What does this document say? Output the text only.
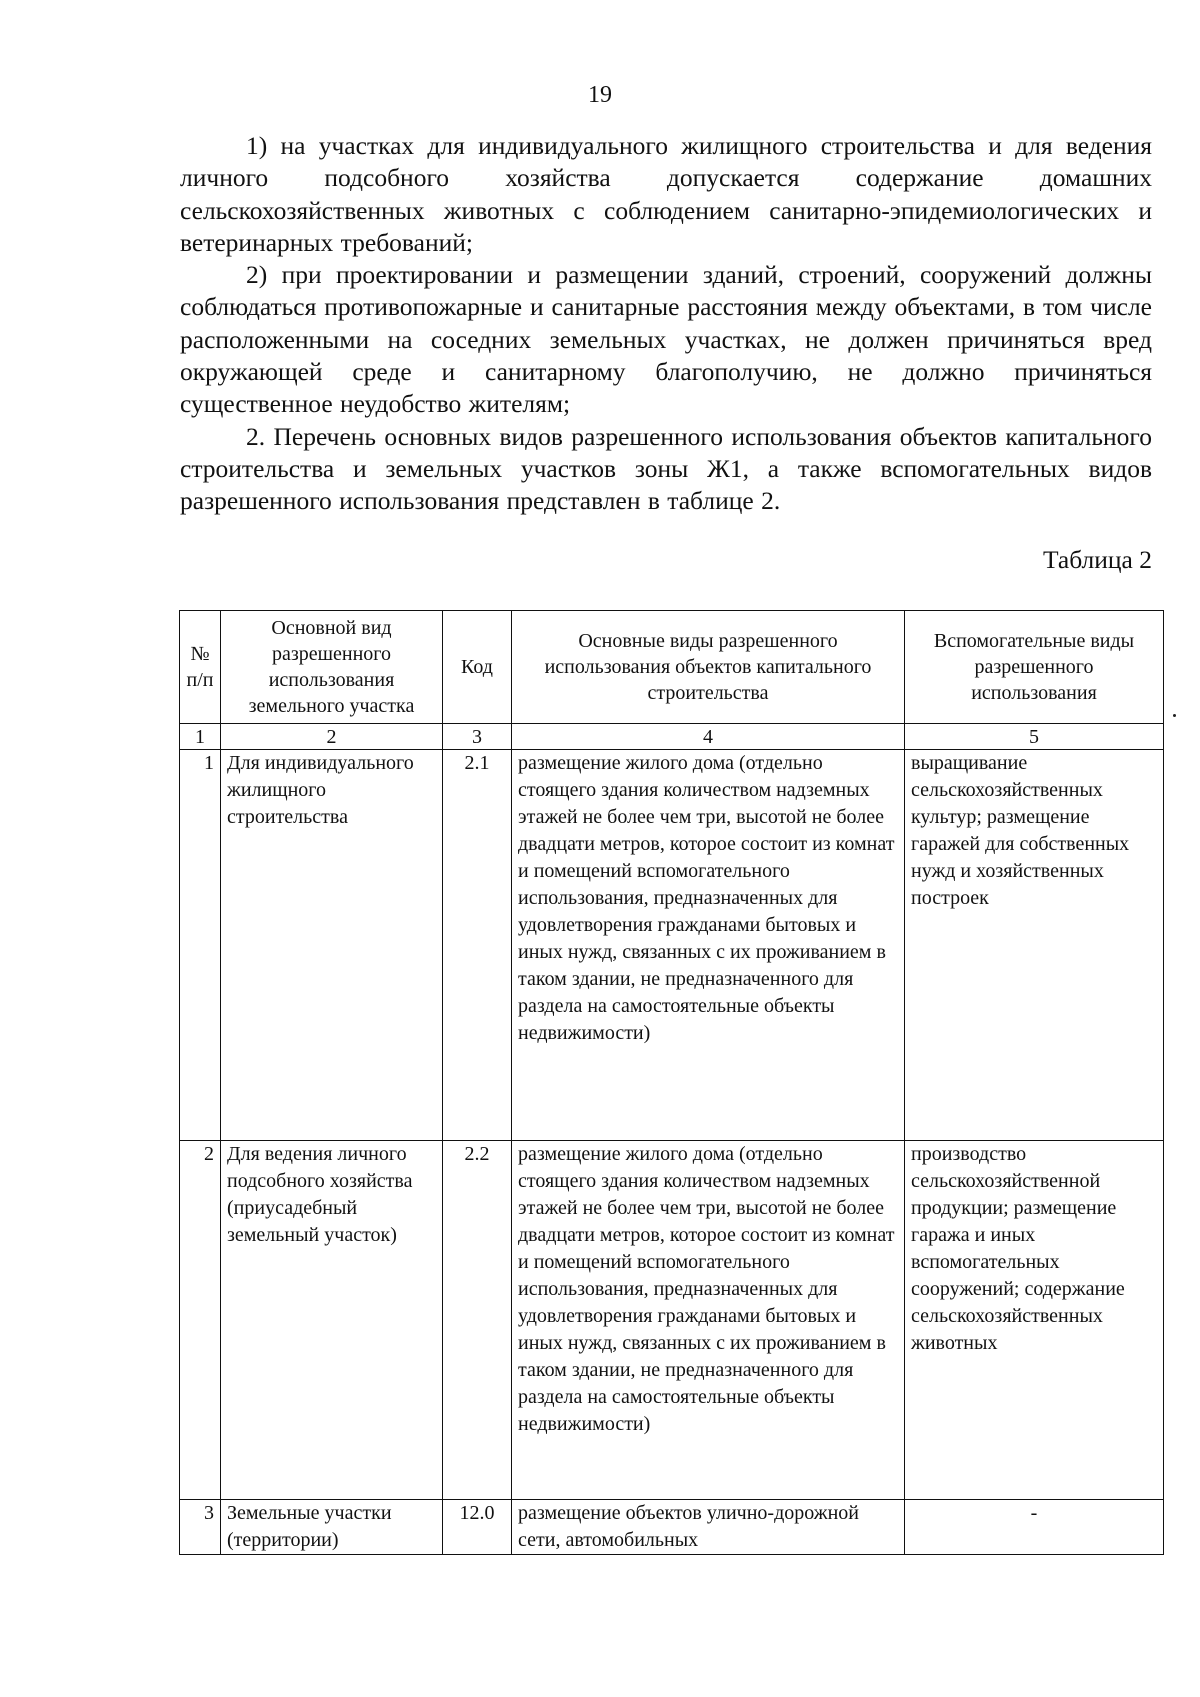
19

1) на участках для индивидуального жилищного строительства и для ведения личного подсобного хозяйства допускается содержание домашних сельскохозяйственных животных с соблюдением санитарно-эпидемиологических и ветеринарных требований;

2) при проектировании и размещении зданий, строений, сооружений должны соблюдаться противопожарные и санитарные расстояния между объектами, в том числе расположенными на соседних земельных участках, не должен причиняться вред окружающей среде и санитарному благополучию, не должно причиняться существенное неудобство жителям;

2. Перечень основных видов разрешенного использования объектов капитального строительства и земельных участков зоны Ж1, а также вспомогательных видов разрешенного использования представлен в таблице 2.

Таблица 2
№ п/п	Основной вид разрешенного использования земельного участка	Код	Основные виды разрешенного использования объектов капитального строительства	Вспомогательные виды разрешенного использования
1	2	3	4	5
1	Для индивидуального жилищного строительства	2.1	размещение жилого дома (отдельно стоящего здания количеством надземных этажей не более чем три, высотой не более двадцати метров, которое состоит из комнат и помещений вспомогательного использования, предназначенных для удовлетворения гражданами бытовых и иных нужд, связанных с их проживанием в таком здании, не предназначенного для раздела на самостоятельные объекты недвижимости)	выращивание сельскохозяйственных культур; размещение гаражей для собственных нужд и хозяйственных построек
2	Для ведения личного подсобного хозяйства (приусадебный земельный участок)	2.2	размещение жилого дома (отдельно стоящего здания количеством надземных этажей не более чем три, высотой не более двадцати метров, которое состоит из комнат и помещений вспомогательного использования, предназначенных для удовлетворения гражданами бытовых и иных нужд, связанных с их проживанием в таком здании, не предназначенного для раздела на самостоятельные объекты недвижимости)	производство сельскохозяйственной продукции; размещение гаража и иных вспомогательных сооружений; содержание сельскохозяйственных животных
3	Земельные участки (территории)	12.0	размещение объектов улично-дорожной сети, автомобильных	-
